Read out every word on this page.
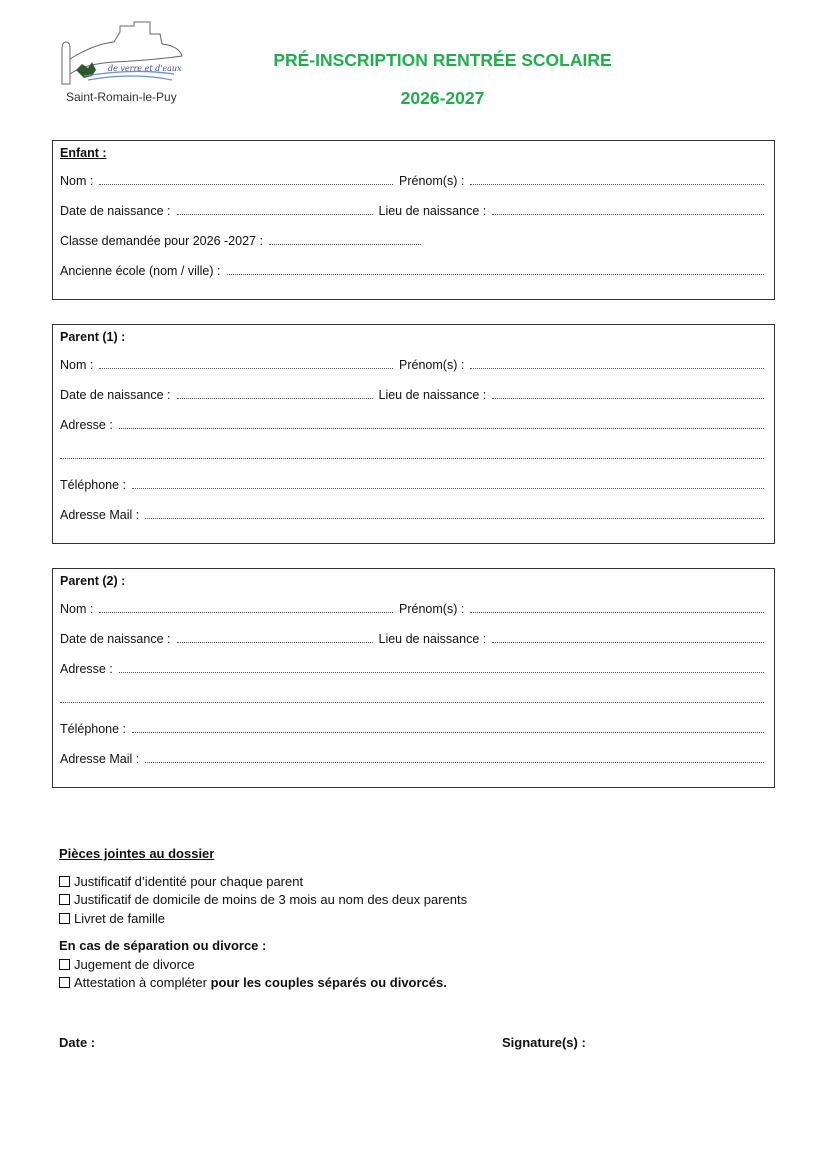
de verre et d'eaux
Saint-Romain-le-Puy
PRÉ-INSCRIPTION RENTRÉE SCOLAIRE
2026-2027
Enfant :
Nom :	Prénom(s) :
Date de naissance :	Lieu de naissance :
Classe demandée pour 2026 -2027 :
Ancienne école (nom / ville) :
Parent (1) :
Nom :	Prénom(s) :
Date de naissance :	Lieu de naissance :
Adresse :
Téléphone :
Adresse Mail :
Parent (2) :
Nom :	Prénom(s) :
Date de naissance :	Lieu de naissance :
Adresse :
Téléphone :
Adresse Mail :
Pièces jointes au dossier
Justificatif d’identité pour chaque parent
Justificatif de domicile de moins de 3 mois au nom des deux parents
Livret de famille
En cas de séparation ou divorce :
Jugement de divorce
Attestation à compléter pour les couples séparés ou divorcés.
Date :	Signature(s) :
